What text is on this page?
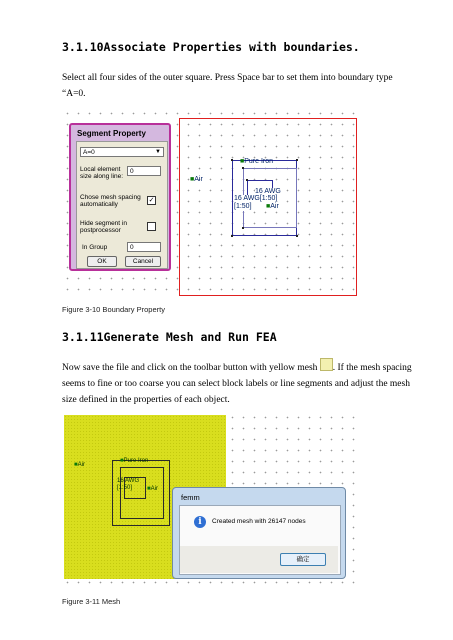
3.1.10Associate Properties with boundaries.
Select all four sides of the outer square. Press Space bar to set them into boundary type
“A=0.
■Air
■Pure Iron
16 AWG
16 AWG[1:50]
[1:50]	■Air
Segment Property
A=0	▼
Local element
size along line:
0
Chose mesh spacing
automatically
✓
Hide segment in
postprocessor
In Group	0
OK	Cancel
Figure 3-10 Boundary Property
3.1.11Generate Mesh and Run FEA
Now save the file and click on the toolbar button with yellow mesh . If the mesh spacing
seems to fine or too coarse you can select block labels or line segments and adjust the mesh
size defined in the properties of each object.
■Air
■Pure Iron
16 AWG
[1:50]	■Air
femm
i	Created mesh with 26147 nodes
确定
Figure 3-11 Mesh
